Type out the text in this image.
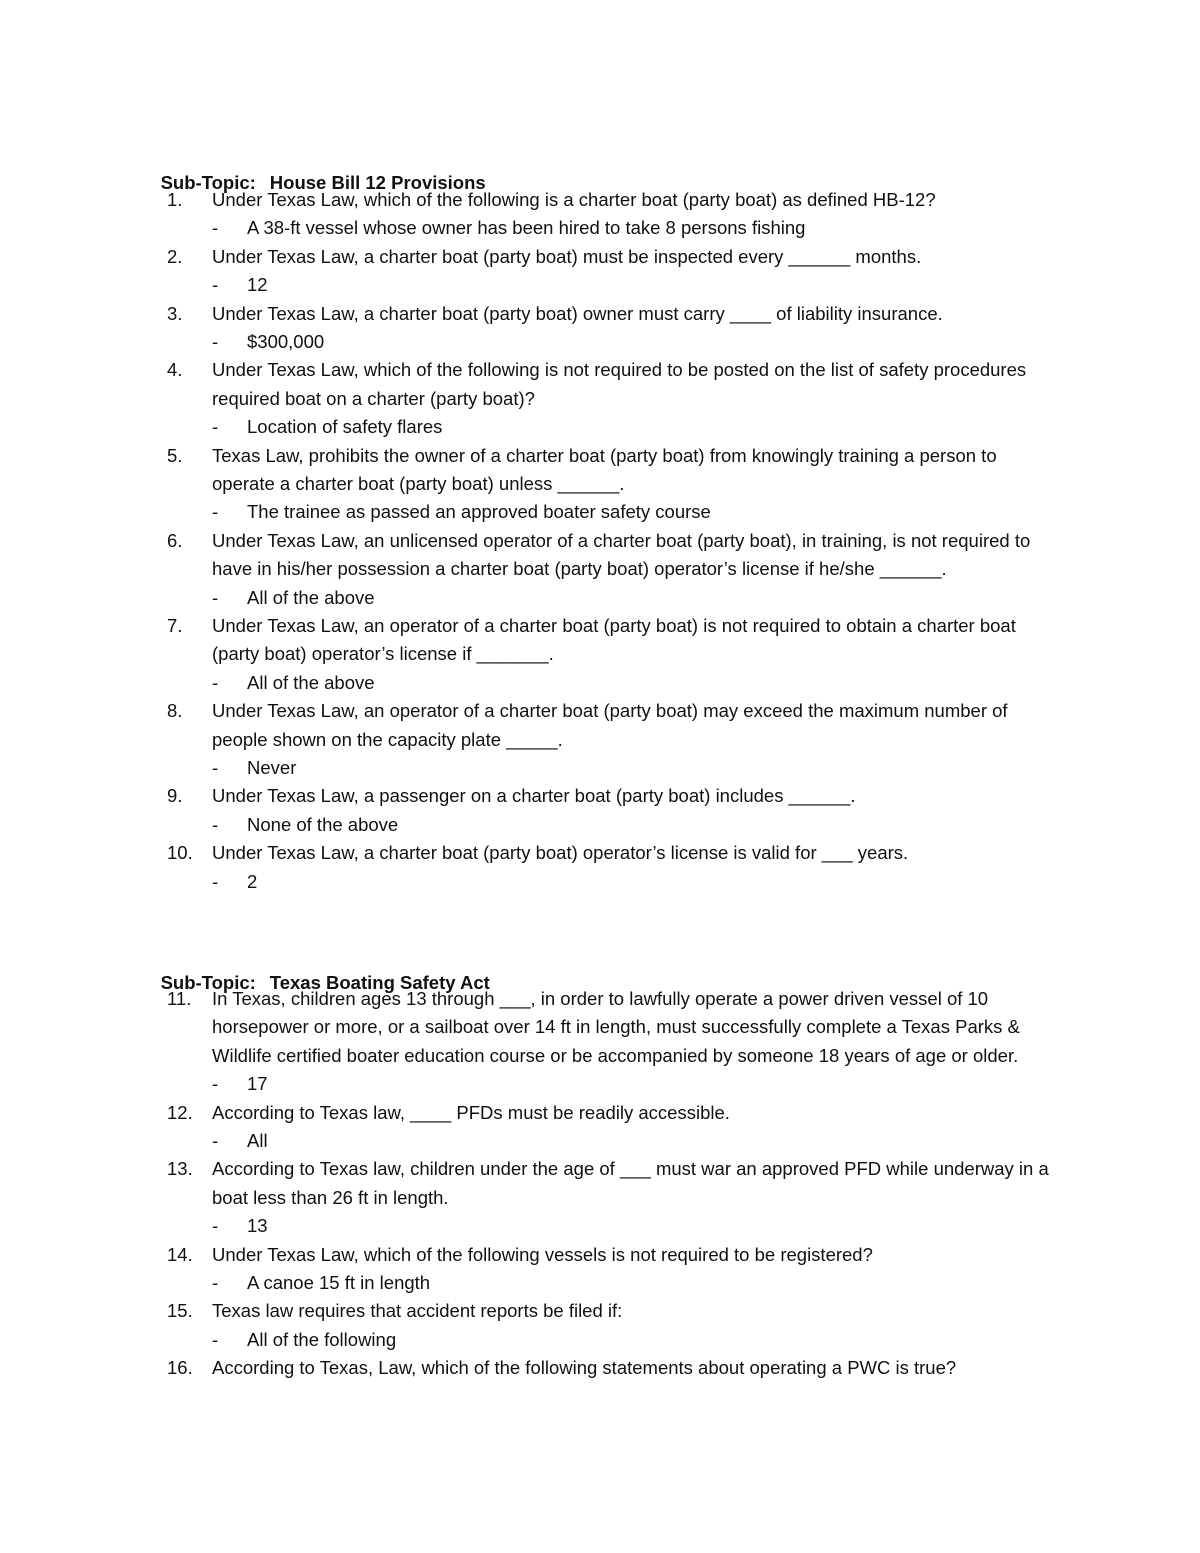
Sub-Topic: House Bill 12 Provisions

1.	Under Texas Law, which of the following is a charter boat (party boat) as defined HB-12?
- A 38-ft vessel whose owner has been hired to take 8 persons fishing
2.	Under Texas Law, a charter boat (party boat) must be inspected every ______ months.
- 12
3.	Under Texas Law, a charter boat (party boat) owner must carry ____ of liability insurance.
- $300,000
4.	Under Texas Law, which of the following is not required to be posted on the list of safety procedures required boat on a charter (party boat)?
- Location of safety flares
5.	Texas Law, prohibits the owner of a charter boat (party boat) from knowingly training a person to operate a charter boat (party boat) unless ______.
- The trainee as passed an approved boater safety course
6.	Under Texas Law, an unlicensed operator of a charter boat (party boat), in training, is not required to have in his/her possession a charter boat (party boat) operator’s license if he/she ______.
- All of the above
7.	Under Texas Law, an operator of a charter boat (party boat) is not required to obtain a charter boat (party boat) operator’s license if _______.
- All of the above
8.	Under Texas Law, an operator of a charter boat (party boat) may exceed the maximum number of people shown on the capacity plate _____.
- Never
9.	Under Texas Law, a passenger on a charter boat (party boat) includes ______.
- None of the above
10.	Under Texas Law, a charter boat (party boat) operator’s license is valid for ___ years.
- 2

Sub-Topic: Texas Boating Safety Act

11.	In Texas, children ages 13 through ___, in order to lawfully operate a power driven vessel of 10 horsepower or more, or a sailboat over 14 ft in length, must successfully complete a Texas Parks & Wildlife certified boater education course or be accompanied by someone 18 years of age or older.
- 17
12.	According to Texas law, ____ PFDs must be readily accessible.
- All
13.	According to Texas law, children under the age of ___ must war an approved PFD while underway in a boat less than 26 ft in length.
- 13
14.	Under Texas Law, which of the following vessels is not required to be registered?
- A canoe 15 ft in length
15.	Texas law requires that accident reports be filed if:
- All of the following
16.	According to Texas, Law, which of the following statements about operating a PWC is true?
